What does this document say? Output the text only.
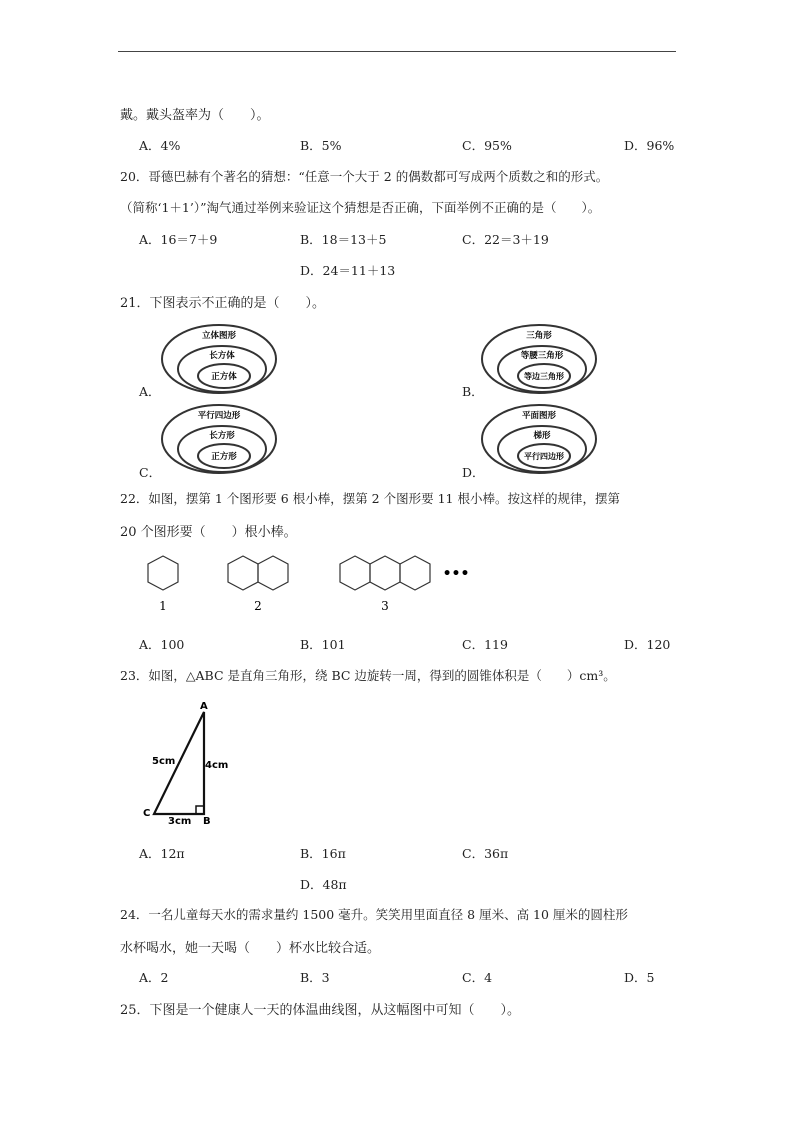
戴。戴头盔率为（　　）。
A．4%	B．5%	C．95%	D．96%
20．哥德巴赫有个著名的猜想：“任意一个大于 2 的偶数都可写成两个质数之和的形式。
（简称‘1＋1’）”淘气通过举例来验证这个猜想是否正确，下面举例不正确的是（　　）。
A．16＝7＋9	B．18＝13＋5	C．22＝3＋19
D．24＝11＋13
21．下图表示不正确的是（　　）。
A．
立体图形
长方体
正方体
B．
三角形
等腰三角形
等边三角形
C．
平行四边形
长方形
正方形
D．
平面图形
梯形
平行四边形
22．如图，摆第 1 个图形要 6 根小棒，摆第 2 个图形要 11 根小棒。按这样的规律，摆第
20 个图形要（　　）根小棒。
1	2	3
•••
A．100	B．101	C．119	D．120
23．如图，△ABC 是直角三角形，绕 BC 边旋转一周，得到的圆锥体积是（　　）cm³。
A
B
C
5cm	4cm
3cm
A．12π	B．16π	C．36π
D．48π
24．一名儿童每天水的需求量约 1500 毫升。笑笑用里面直径 8 厘米、高 10 厘米的圆柱形
水杯喝水，她一天喝（　　）杯水比较合适。
A．2	B．3	C．4	D．5
25．下图是一个健康人一天的体温曲线图，从这幅图中可知（　　）。
